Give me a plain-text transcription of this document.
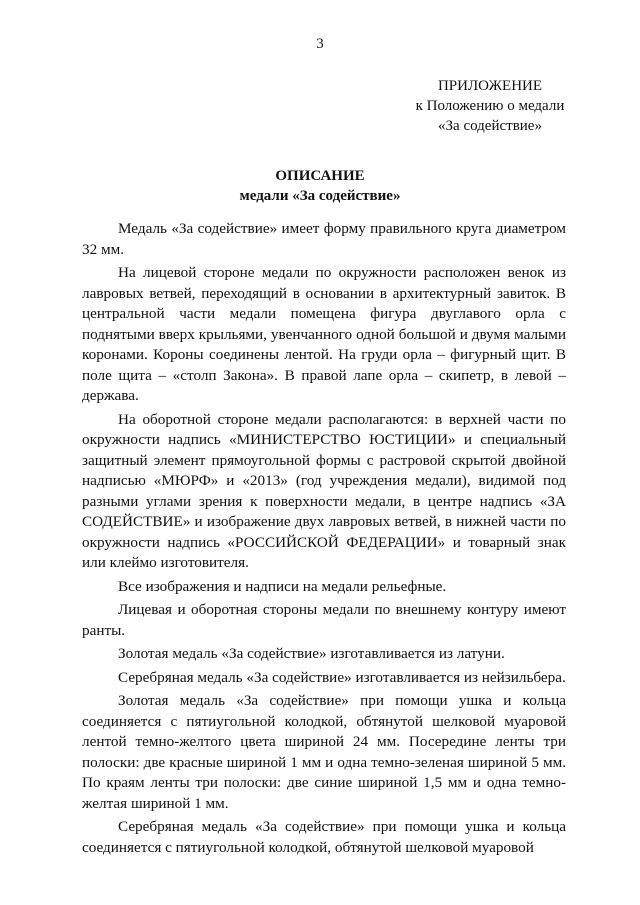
3
ПРИЛОЖЕНИЕ
к Положению о медали
«За содействие»
ОПИСАНИЕ
медали «За содействие»

Медаль «За содействие» имеет форму правильного круга диаметром 32 мм.

На лицевой стороне медали по окружности расположен венок из лавровых ветвей, переходящий в основании в архитектурный завиток. В центральной части медали помещена фигура двуглавого орла с поднятыми вверх крыльями, увенчанного одной большой и двумя малыми коронами. Короны соединены лентой. На груди орла – фигурный щит. В поле щита – «столп Закона». В правой лапе орла – скипетр, в левой – держава.

На оборотной стороне медали располагаются: в верхней части по окружности надпись «МИНИСТЕРСТВО ЮСТИЦИИ» и специальный защитный элемент прямоугольной формы с растровой скрытой двойной надписью «МЮРФ» и «2013» (год учреждения медали), видимой под разными углами зрения к поверхности медали, в центре надпись «ЗА СОДЕЙСТВИЕ» и изображение двух лавровых ветвей, в нижней части по окружности надпись «РОССИЙСКОЙ ФЕДЕРАЦИИ» и товарный знак или клеймо изготовителя.

Все изображения и надписи на медали рельефные.

Лицевая и оборотная стороны медали по внешнему контуру имеют ранты.

Золотая медаль «За содействие» изготавливается из латуни.

Серебряная медаль «За содействие» изготавливается из нейзильбера.

Золотая медаль «За содействие» при помощи ушка и кольца соединяется с пятиугольной колодкой, обтянутой шелковой муаровой лентой темно-желтого цвета шириной 24 мм. Посередине ленты три полоски: две красные шириной 1 мм и одна темно-зеленая шириной 5 мм. По краям ленты три полоски: две синие шириной 1,5 мм и одна темно-желтая шириной 1 мм.

Серебряная медаль «За содействие» при помощи ушка и кольца соединяется с пятиугольной колодкой, обтянутой шелковой муаровой
